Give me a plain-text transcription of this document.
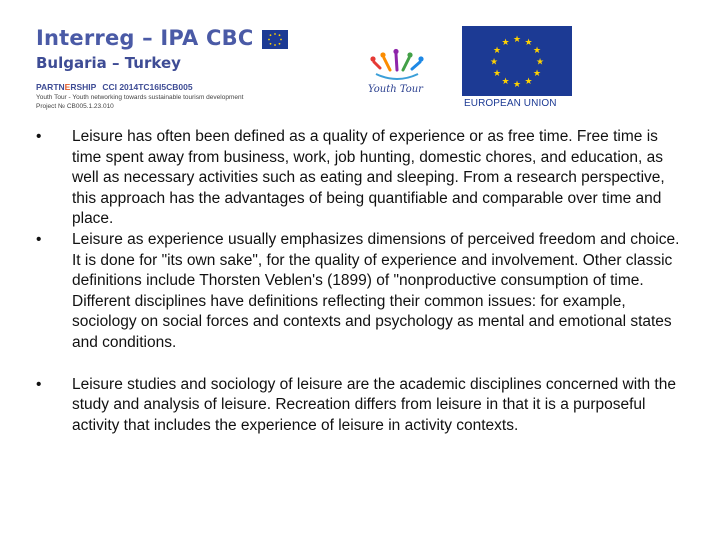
Interreg – IPA CBC
Bulgaria – Turkey
PARTNERSHIP CCI 2014TC16I5CB005
Youth Tour - Youth networking towards sustainable tourism development
Project № CB005.1.23.010
Youth Tour
★ ★
★
★
★
★
★
★
★
★
★
★
EUROPEAN UNION
• Leisure has often been defined as a quality of experience or as free time. Free time is time spent away from business, work, job hunting, domestic chores, and education, as well as necessary activities such as eating and sleeping. From a research perspective, this approach has the advantages of being quantifiable and comparable over time and place.
• Leisure as experience usually emphasizes dimensions of perceived freedom and choice. It is done for "its own sake", for the quality of experience and involvement. Other classic definitions include Thorsten Veblen's (1899) of "nonproductive consumption of time. Different disciplines have definitions reflecting their common issues: for example, sociology on social forces and contexts and psychology as mental and emotional states and conditions.
• Leisure studies and sociology of leisure are the academic disciplines concerned with the study and analysis of leisure. Recreation differs from leisure in that it is a purposeful activity that includes the experience of leisure in activity contexts.
